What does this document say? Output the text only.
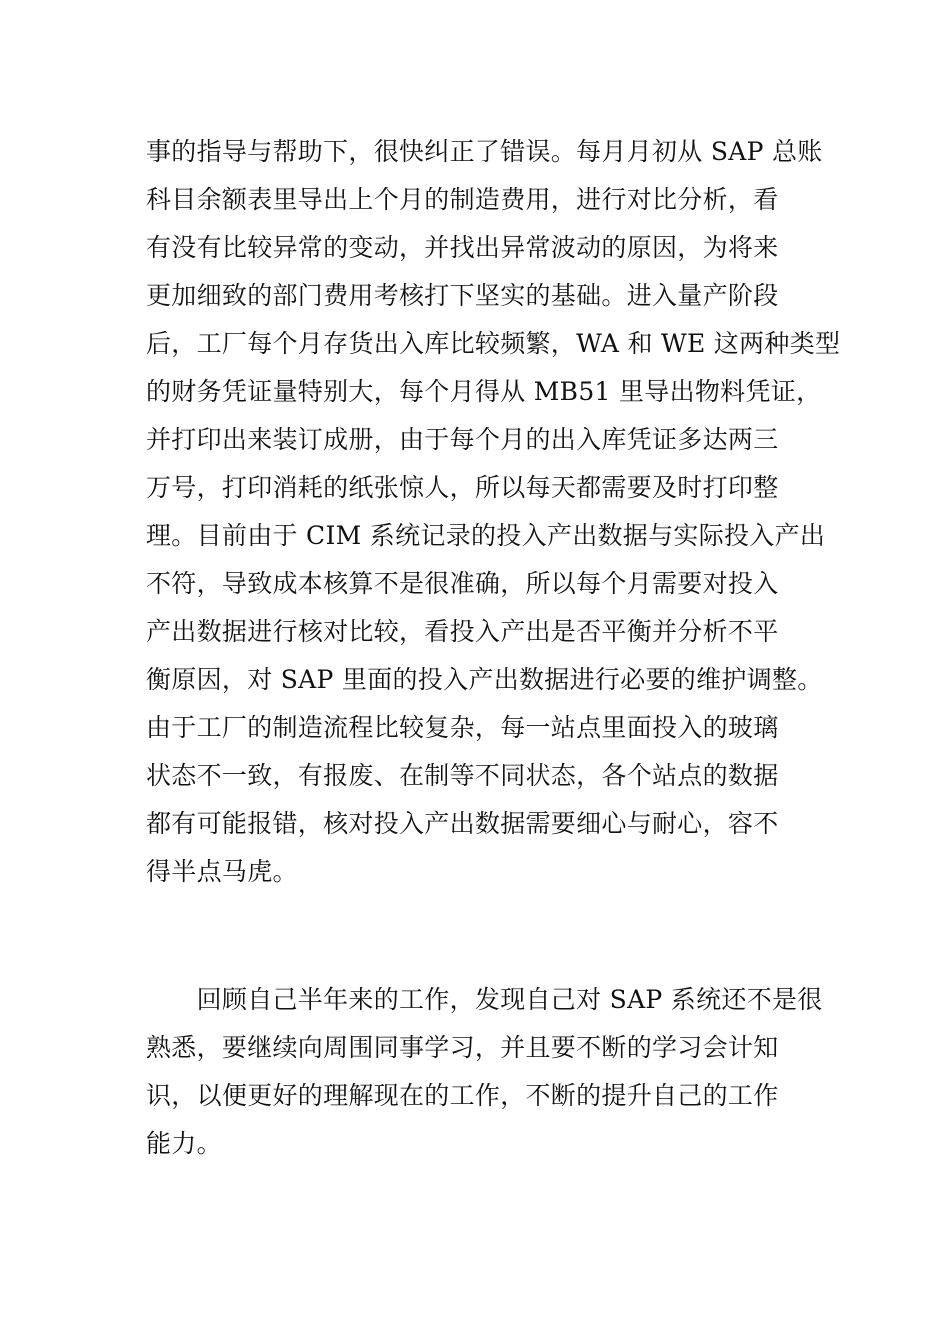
事的指导与帮助下，很快纠正了错误。每月月初从 SAP 总账
科目余额表里导出上个月的制造费用，进行对比分析，看
有没有比较异常的变动，并找出异常波动的原因，为将来
更加细致的部门费用考核打下坚实的基础。进入量产阶段
后，工厂每个月存货出入库比较频繁，WA 和 WE 这两种类型
的财务凭证量特别大，每个月得从 MB51 里导出物料凭证，
并打印出来装订成册，由于每个月的出入库凭证多达两三
万号，打印消耗的纸张惊人，所以每天都需要及时打印整
理。目前由于 CIM 系统记录的投入产出数据与实际投入产出
不符，导致成本核算不是很准确，所以每个月需要对投入
产出数据进行核对比较，看投入产出是否平衡并分析不平
衡原因，对 SAP 里面的投入产出数据进行必要的维护调整。
由于工厂的制造流程比较复杂，每一站点里面投入的玻璃
状态不一致，有报废、在制等不同状态，各个站点的数据
都有可能报错，核对投入产出数据需要细心与耐心，容不
得半点马虎。
　　回顾自己半年来的工作，发现自己对 SAP 系统还不是很
熟悉，要继续向周围同事学习，并且要不断的学习会计知
识，以便更好的理解现在的工作，不断的提升自己的工作
能力。
